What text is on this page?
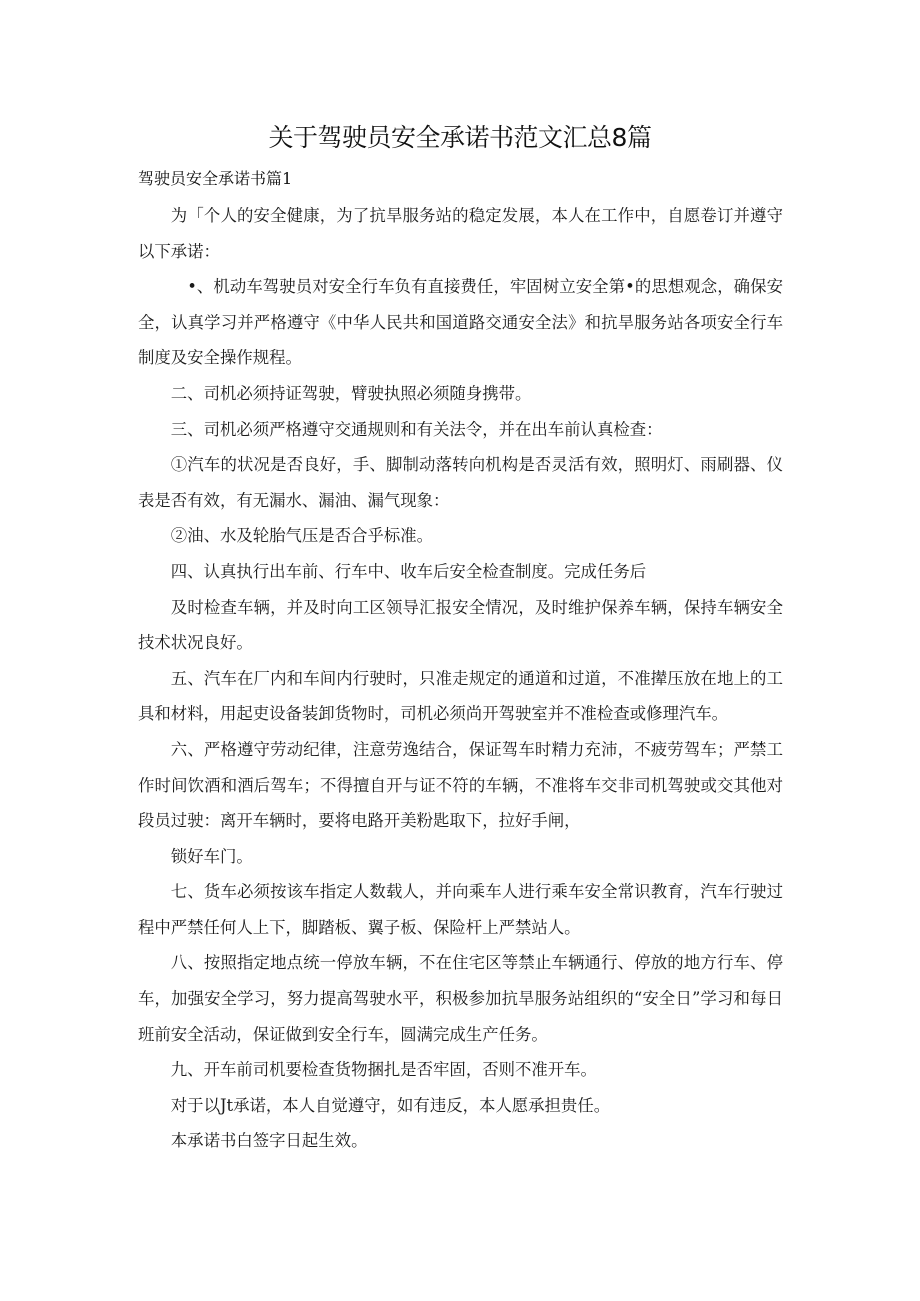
关于驾驶员安全承诺书范文汇总8篇
驾驶员安全承诺书篇1

为「个人的安全健康，为了抗旱服务站的稳定发展，本人在工作中，自愿卷订并遵守以下承诺：

•、机动车驾驶员对安全行车负有直接费任，牢固树立安全第•的思想观念，确保安全，认真学习并严格遵守《中华人民共和国道路交通安全法》和抗旱服务站各项安全行车制度及安全操作规程。

二、司机必须持证驾驶，臂驶执照必须随身携带。

三、司机必须严格遵守交通规则和有关法令，并在出车前认真检查：

①汽车的状况是否良好，手、脚制动落转向机构是否灵活有效，照明灯、雨刷器、仪表是否有效，有无漏水、漏油、漏气现象：

②油、水及轮胎气压是否合乎标准。

四、认真执行出车前、行车中、收车后安全检查制度。完成任务后

及时检查车辆，并及时向工区领导汇报安全情况，及时维护保养车辆，保持车辆安全技术状况良好。

五、汽车在厂内和车间内行驶时，只准走规定的通道和过道，不准撵压放在地上的工具和材料，用起吏设备装卸货物时，司机必须尚开驾驶室并不准检查或修理汽车。

六、严格遵守劳动纪律，注意劳逸结合，保证驾车时精力充沛，不疲劳驾车；严禁工作时间饮酒和酒后驾车；不得擅自开与证不符的车辆，不准将车交非司机驾驶或交其他对段员过驶：离开车辆时，要将电路开美粉匙取下，拉好手闸，

锁好车门。

七、货车必须按该车指定人数载人，并向乘车人进行乘车安全常识教育，汽车行驶过程中严禁任何人上下，脚踏板、翼子板、保险杆上严禁站人。

八、按照指定地点统一停放车辆，不在住宅区等禁止车辆通行、停放的地方行车、停车，加强安全学习，努力提高驾驶水平，积极参加抗旱服务站组织的“安全日”学习和每日班前安全活动，保证做到安全行车，圆满完成生产任务。

九、开车前司机要检查货物捆扎是否牢固，否则不准开车。

对于以Jt承诺，本人自觉遵守，如有违反，本人愿承担贵任。

本承诺书白签字日起生效。
